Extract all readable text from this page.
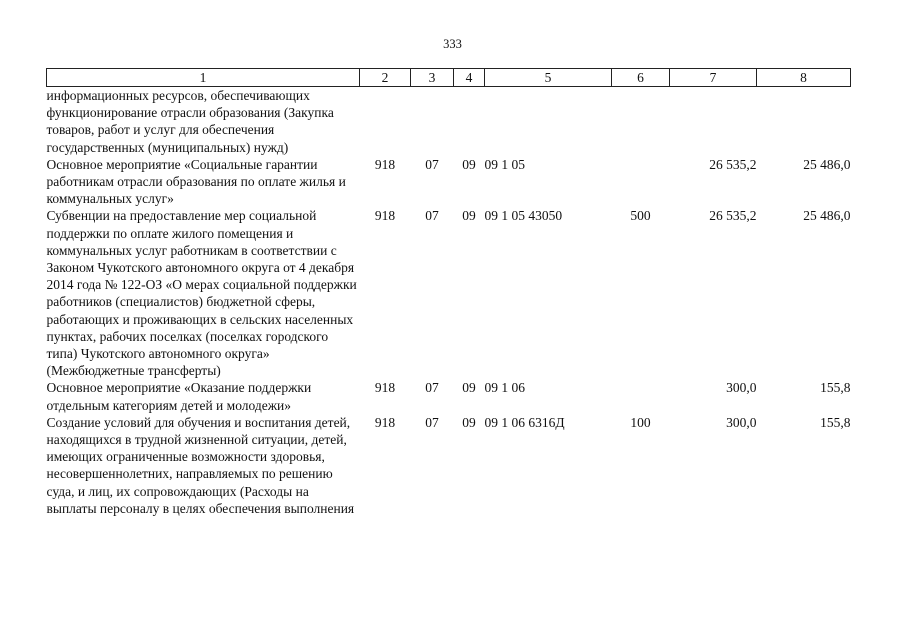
333
1	2	3	4	5	6	7	8
информационных ресурсов, обеспечивающих функционирование отрасли образования (Закупка товаров, работ и услуг для обеспечения государственных (муниципальных) нужд)							
Основное мероприятие «Социальные гарантии работникам отрасли образования по оплате жилья и коммунальных услуг»	918	07	09	09 1 05		26 535,2	25 486,0
Субвенции на предоставление мер социальной поддержки по оплате жилого помещения и коммунальных услуг работникам в соответствии с Законом Чукотского автономного округа от 4 декабря 2014 года № 122-ОЗ «О мерах социальной поддержки работников (специалистов) бюджетной сферы, работающих и проживающих в сельских населенных пунктах, рабочих поселках (поселках городского типа) Чукотского автономного округа» (Межбюджетные трансферты)	918	07	09	09 1 05 43050	500	26 535,2	25 486,0
Основное мероприятие «Оказание поддержки отдельным категориям детей и молодежи»	918	07	09	09 1 06		300,0	155,8
Создание условий для обучения и воспитания детей, находящихся в трудной жизненной ситуации, детей, имеющих ограниченные возможности здоровья, несовершеннолетних, направляемых по решению суда, и лиц, их сопровождающих (Расходы на выплаты персоналу в целях обеспечения выполнения	918	07	09	09 1 06 6316Д	100	300,0	155,8
